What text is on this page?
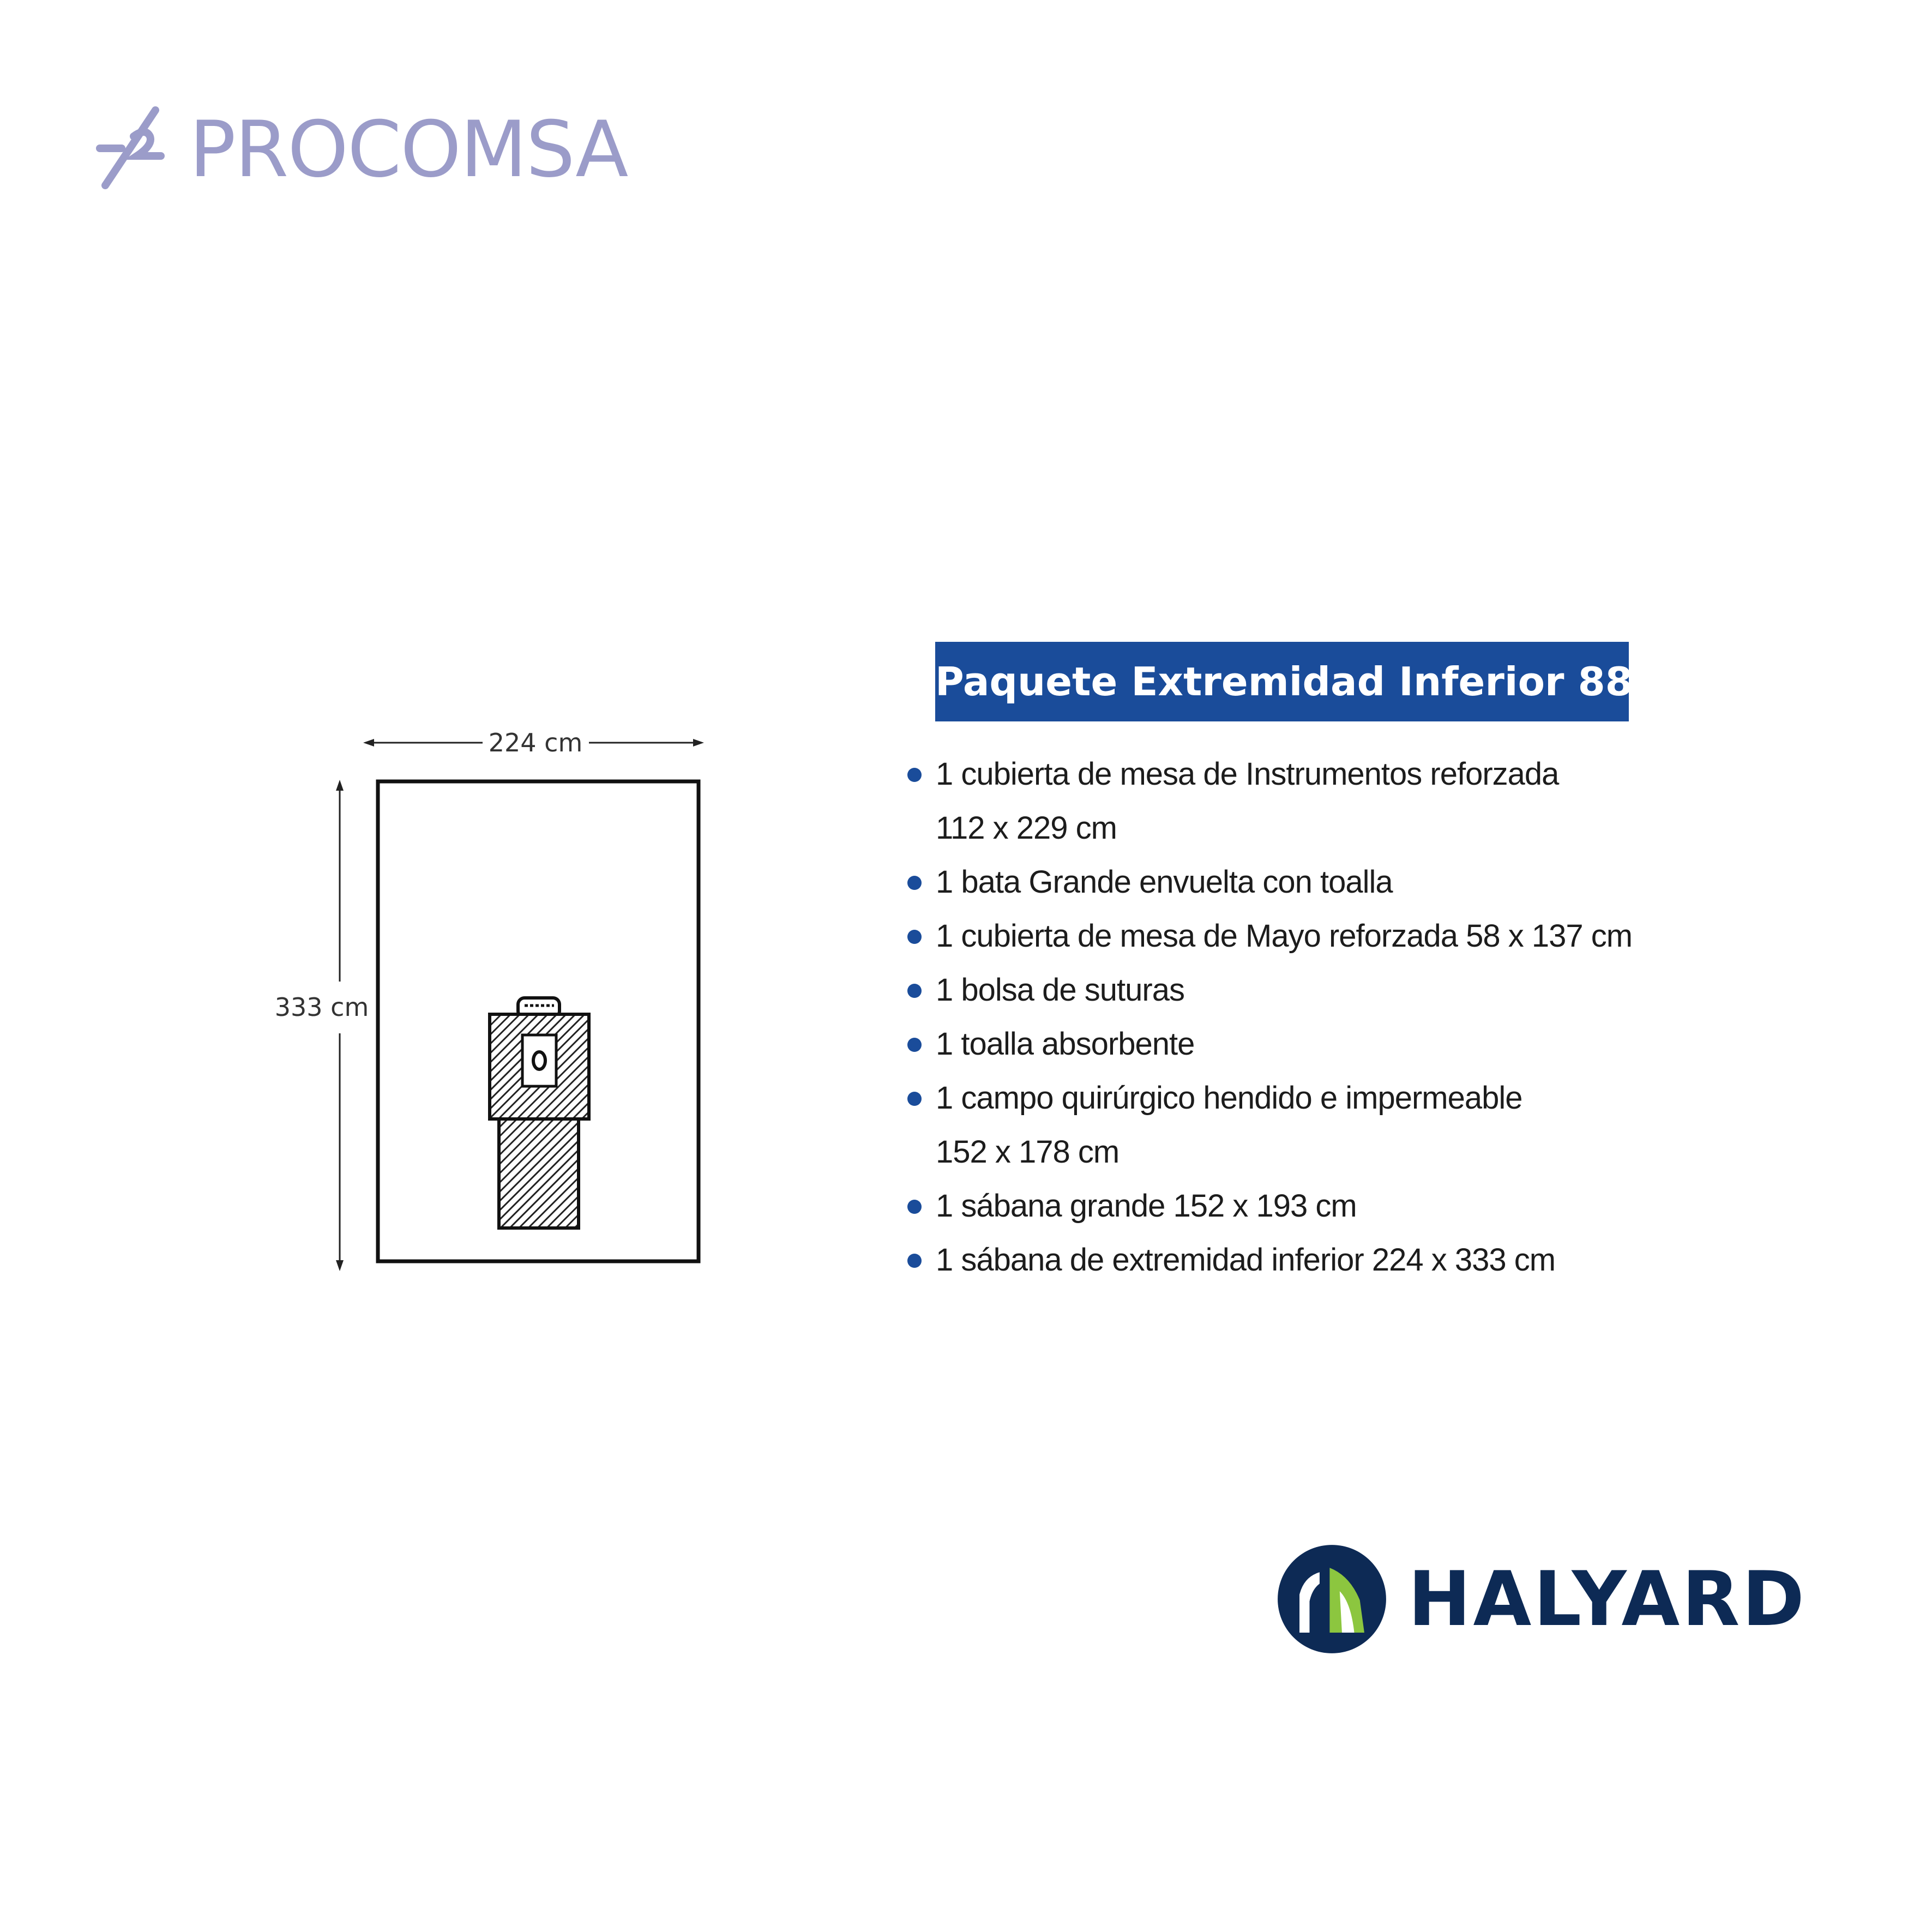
PROCOMSA
224 cm
333 cm
Paquete Extremidad Inferior 88461:
1 cubierta de mesa de Instrumentos reforzada
112 x 229 cm
1 bata Grande envuelta con toalla
1 cubierta de mesa de Mayo reforzada 58 x 137 cm
1 bolsa de suturas
1 toalla absorbente
1 campo quirúrgico hendido e impermeable
152 x 178 cm
1 sábana grande 152 x 193 cm
1 sábana de extremidad inferior 224 x 333 cm
HALYARD
